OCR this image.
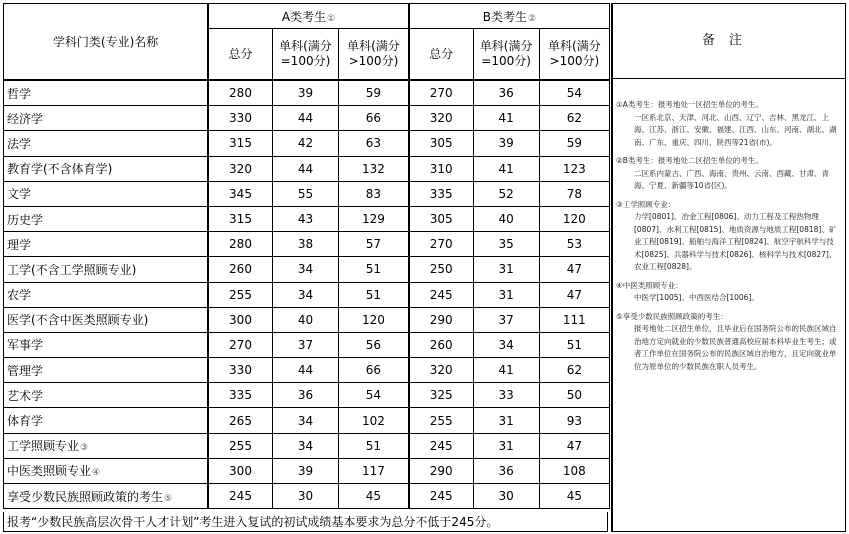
学科门类(专业)名称	A类考生①			B类考生②		
	总分	单科(满分=100分)	单科(满分>100分)	总分	单科(满分=100分)	单科(满分>100分)
哲学	280	39	59	270	36	54
经济学	330	44	66	320	41	62
法学	315	42	63	305	39	59
教育学(不含体育学)	320	44	132	310	41	123
文学	345	55	83	335	52	78
历史学	315	43	129	305	40	120
理学	280	38	57	270	35	53
工学(不含工学照顾专业)	260	34	51	250	31	47
农学	255	34	51	245	31	47
医学(不含中医类照顾专业)	300	40	120	290	37	111
军事学	270	37	56	260	34	51
管理学	330	44	66	320	41	62
艺术学	335	36	54	325	33	50
体育学	265	34	102	255	31	93
工学照顾专业③	255	34	51	245	31	47
中医类照顾专业④	300	39	117	290	36	108
享受少数民族照顾政策的考生⑤	245	30	45	245	30	45
报考“少数民族高层次骨干人才计划”考生进入复试的初试成绩基本要求为总分不低于245分。
备注

①A类考生：报考地处一区招生单位的考生。
一区系北京、天津、河北、山西、辽宁、吉林、黑龙江、上海、江苏、浙江、安徽、福建、江西、山东、河南、湖北、湖南、广东、重庆、四川、陕西等21省(市)。

②B类考生：报考地处二区招生单位的考生。
二区系内蒙古、广西、海南、贵州、云南、西藏、甘肃、青海、宁夏、新疆等10省(区)。

③工学照顾专业：
力学[0801]、冶金工程[0806]、动力工程及工程热物理[0807]、水利工程[0815]、地质资源与地质工程[0818]、矿业工程[0819]、船舶与海洋工程[0824]、航空宇航科学与技术[0825]、兵器科学与技术[0826]、核科学与技术[0827]、农业工程[0828]。

④中医类照顾专业：
中医学[1005]、中西医结合[1006]。

⑤享受少数民族照顾政策的考生：
报考地处二区招生单位，且毕业后在国务院公布的民族区域自治地方定向就业的少数民族普通高校应届本科毕业生考生；或者工作单位在国务院公布的民族区域自治地方，且定向就业单位为原单位的少数民族在职人员考生。
